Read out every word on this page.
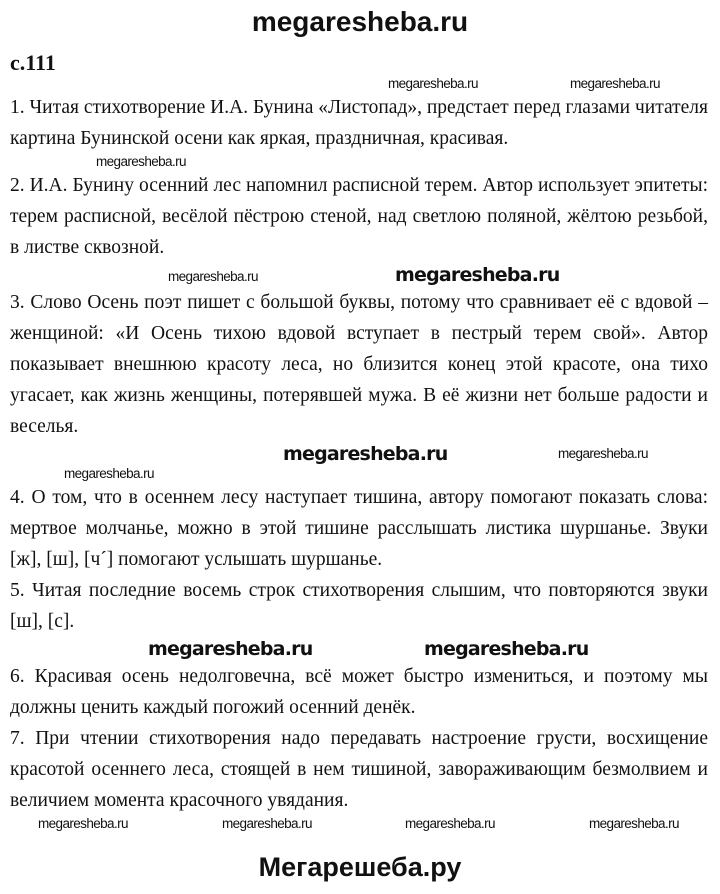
megaresheba.ru
с.111
megaresheba.ru	megaresheba.ru
1. Читая стихотворение И.А. Бунина «Листопад», предстает перед глазами читателя картина Бунинской осени как яркая, праздничная, красивая.
megaresheba.ru
2. И.А. Бунину осенний лес напомнил расписной терем. Автор использует эпитеты: терем расписной, весёлой пёстрою стеной, над светлою поляной, жёлтою резьбой, в листве сквозной.
megaresheba.ru	megaresheba.ru
3. Слово Осень поэт пишет с большой буквы, потому что сравнивает её с вдовой – женщиной: «И Осень тихою вдовой вступает в пестрый терем свой». Автор показывает внешнюю красоту леса, но близится конец этой красоте, она тихо угасает, как жизнь женщины, потерявшей мужа. В её жизни нет больше радости и веселья.
megaresheba.ru	megaresheba.ru
megaresheba.ru
4. О том, что в осеннем лесу наступает тишина, автору помогают показать слова: мертвое молчанье, можно в этой тишине расслышать листика шуршанье. Звуки [ж], [ш], [ч´] помогают услышать шуршанье.
5. Читая последние восемь строк стихотворения слышим, что повторяются звуки [ш], [с].
megaresheba.ru	megaresheba.ru
6. Красивая осень недолговечна, всё может быстро измениться, и поэтому мы должны ценить каждый погожий осенний денёк.
7. При чтении стихотворения надо передавать настроение грусти, восхищение красотой осеннего леса, стоящей в нем тишиной, завораживающим безмолвием и величием момента красочного увядания.
megaresheba.ru	megaresheba.ru	megaresheba.ru	megaresheba.ru
Мегарешеба.ру
